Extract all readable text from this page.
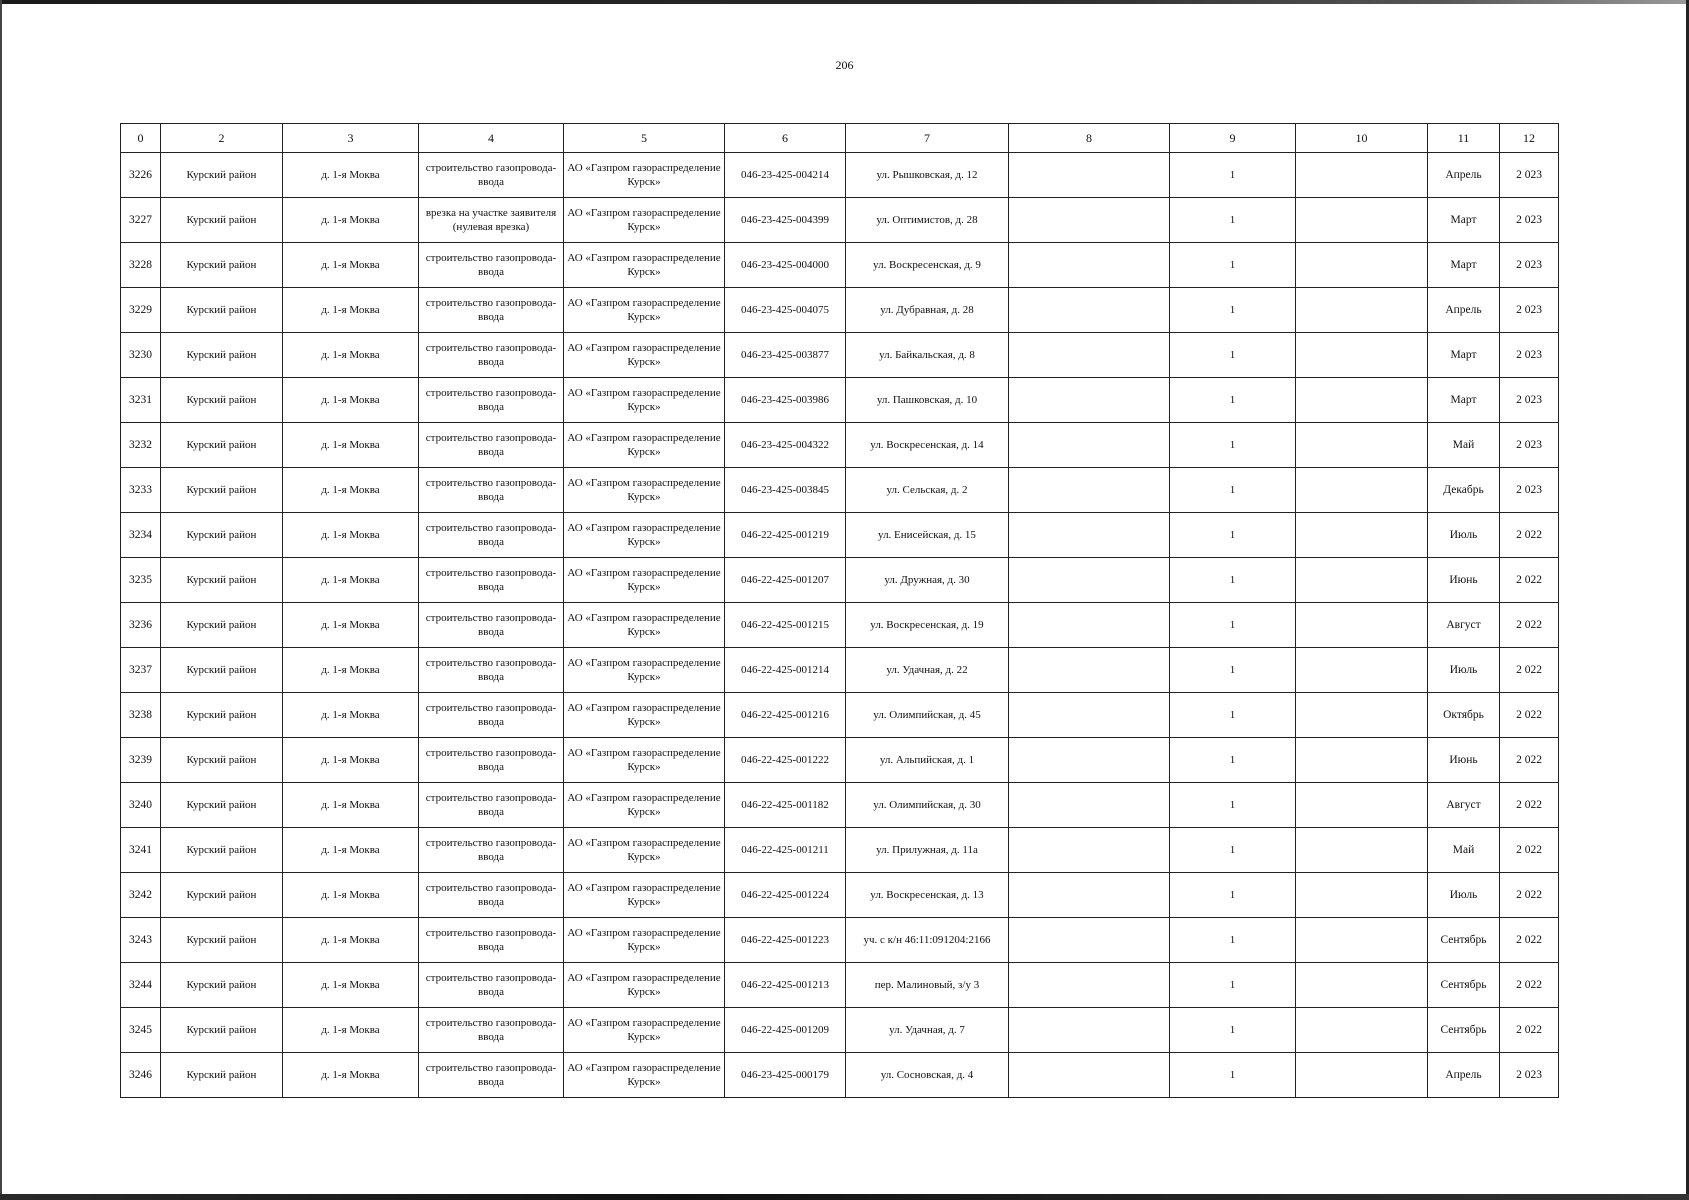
206
0	2	3	4	5	6	7	8	9	10	11	12
3226	Курский район	д. 1-я Моква	строительство газопровода-ввода	АО «Газпром газораспределение Курск»	046-23-425-004214	ул. Рышковская, д. 12		1		Апрель	2 023
3227	Курский район	д. 1-я Моква	врезка на участке заявителя (нулевая врезка)	АО «Газпром газораспределение Курск»	046-23-425-004399	ул. Оптимистов, д. 28		1		Март	2 023
3228	Курский район	д. 1-я Моква	строительство газопровода-ввода	АО «Газпром газораспределение Курск»	046-23-425-004000	ул. Воскресенская, д. 9		1		Март	2 023
3229	Курский район	д. 1-я Моква	строительство газопровода-ввода	АО «Газпром газораспределение Курск»	046-23-425-004075	ул. Дубравная, д. 28		1		Апрель	2 023
3230	Курский район	д. 1-я Моква	строительство газопровода-ввода	АО «Газпром газораспределение Курск»	046-23-425-003877	ул. Байкальская, д. 8		1		Март	2 023
3231	Курский район	д. 1-я Моква	строительство газопровода-ввода	АО «Газпром газораспределение Курск»	046-23-425-003986	ул. Пашковская, д. 10		1		Март	2 023
3232	Курский район	д. 1-я Моква	строительство газопровода-ввода	АО «Газпром газораспределение Курск»	046-23-425-004322	ул. Воскресенская, д. 14		1		Май	2 023
3233	Курский район	д. 1-я Моква	строительство газопровода-ввода	АО «Газпром газораспределение Курск»	046-23-425-003845	ул. Сельская, д. 2		1		Декабрь	2 023
3234	Курский район	д. 1-я Моква	строительство газопровода-ввода	АО «Газпром газораспределение Курск»	046-22-425-001219	ул. Енисейская, д. 15		1		Июль	2 022
3235	Курский район	д. 1-я Моква	строительство газопровода-ввода	АО «Газпром газораспределение Курск»	046-22-425-001207	ул. Дружная, д. 30		1		Июнь	2 022
3236	Курский район	д. 1-я Моква	строительство газопровода-ввода	АО «Газпром газораспределение Курск»	046-22-425-001215	ул. Воскресенская, д. 19		1		Август	2 022
3237	Курский район	д. 1-я Моква	строительство газопровода-ввода	АО «Газпром газораспределение Курск»	046-22-425-001214	ул. Удачная, д. 22		1		Июль	2 022
3238	Курский район	д. 1-я Моква	строительство газопровода-ввода	АО «Газпром газораспределение Курск»	046-22-425-001216	ул. Олимпийская, д. 45		1		Октябрь	2 022
3239	Курский район	д. 1-я Моква	строительство газопровода-ввода	АО «Газпром газораспределение Курск»	046-22-425-001222	ул. Альпийская, д. 1		1		Июнь	2 022
3240	Курский район	д. 1-я Моква	строительство газопровода-ввода	АО «Газпром газораспределение Курск»	046-22-425-001182	ул. Олимпийская, д. 30		1		Август	2 022
3241	Курский район	д. 1-я Моква	строительство газопровода-ввода	АО «Газпром газораспределение Курск»	046-22-425-001211	ул. Прилужная, д. 11а		1		Май	2 022
3242	Курский район	д. 1-я Моква	строительство газопровода-ввода	АО «Газпром газораспределение Курск»	046-22-425-001224	ул. Воскресенская, д. 13		1		Июль	2 022
3243	Курский район	д. 1-я Моква	строительство газопровода-ввода	АО «Газпром газораспределение Курск»	046-22-425-001223	уч. с к/н 46:11:091204:2166		1		Сентябрь	2 022
3244	Курский район	д. 1-я Моква	строительство газопровода-ввода	АО «Газпром газораспределение Курск»	046-22-425-001213	пер. Малиновый, з/у 3		1		Сентябрь	2 022
3245	Курский район	д. 1-я Моква	строительство газопровода-ввода	АО «Газпром газораспределение Курск»	046-22-425-001209	ул. Удачная, д. 7		1		Сентябрь	2 022
3246	Курский район	д. 1-я Моква	строительство газопровода-ввода	АО «Газпром газораспределение Курск»	046-23-425-000179	ул. Сосновская, д. 4		1		Апрель	2 023
